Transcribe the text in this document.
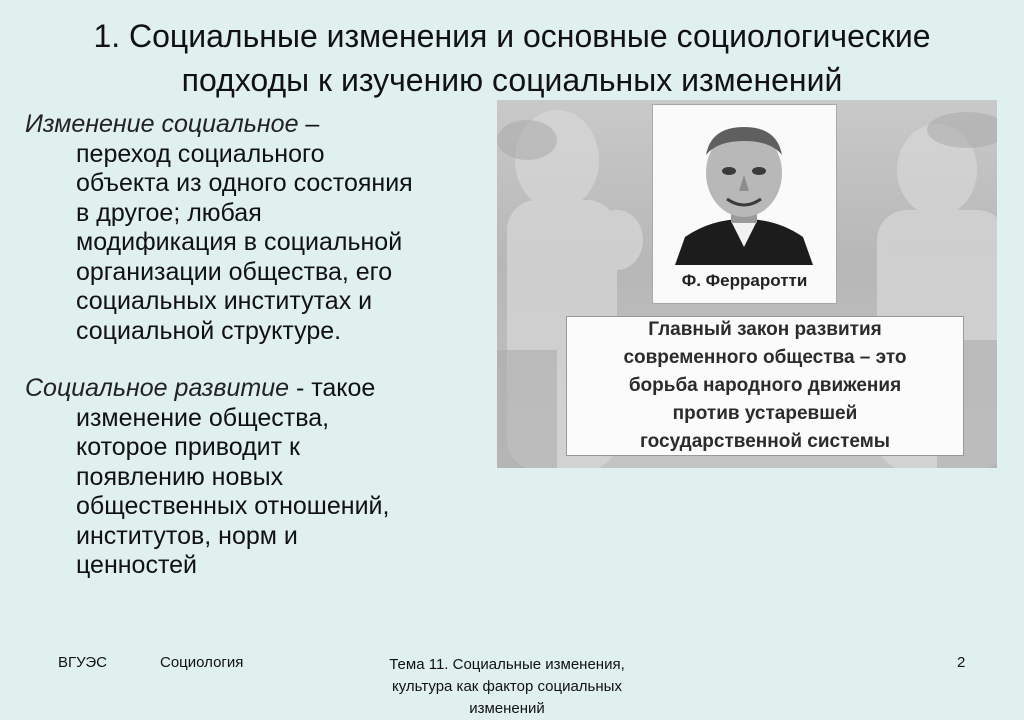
1. Социальные изменения и основные социологические
подходы к изучению социальных изменений

Изменение социальное –
переход социального
объекта из одного состояния
в другое; любая
модификация в социальной
организации общества, его
социальных институтах и
социальной структуре.

Социальное развитие - такое
изменение общества,
которое приводит к
появлению новых
общественных отношений,
институтов, норм и
ценностей

Ф. Ферраротти
Главный закон развития
современного общества – это
борьба народного движения
против устаревшей
государственной системы
ВГУЭС	Социология	Тема 11. Социальные изменения,
культура как фактор социальных
изменений
2
